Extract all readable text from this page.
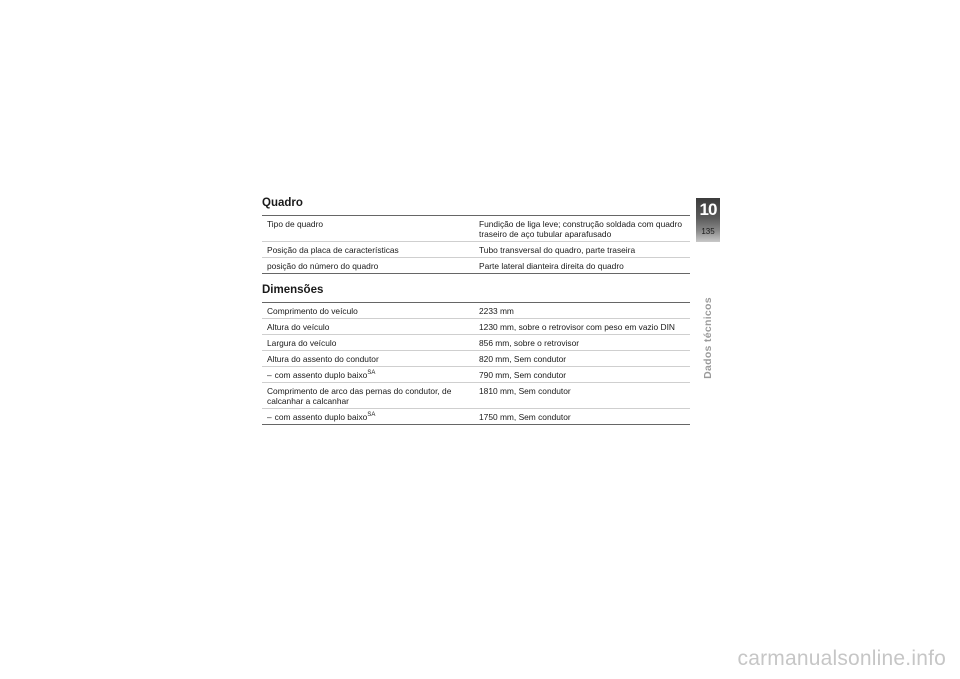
Quadro
Tipo de quadro	Fundição de liga leve; construção soldada com quadro traseiro de aço tubular aparafusado
Posição da placa de características	Tubo transversal do quadro, parte traseira
posição do número do quadro	Parte lateral dianteira direita do quadro
Dimensões
Comprimento do veículo	2233 mm
Altura do veículo	1230 mm, sobre o retrovisor com peso em vazio DIN
Largura do veículo	856 mm, sobre o retrovisor
Altura do assento do condutor	820 mm, Sem condutor
– com assento duplo baixo$^{SA}$	790 mm, Sem condutor
Comprimento de arco das pernas do condutor, de calcanhar a calcanhar	1810 mm, Sem condutor
– com assento duplo baixo$^{SA}$	1750 mm, Sem condutor
10
135
Dados técnicos
carmanualsonline.info
